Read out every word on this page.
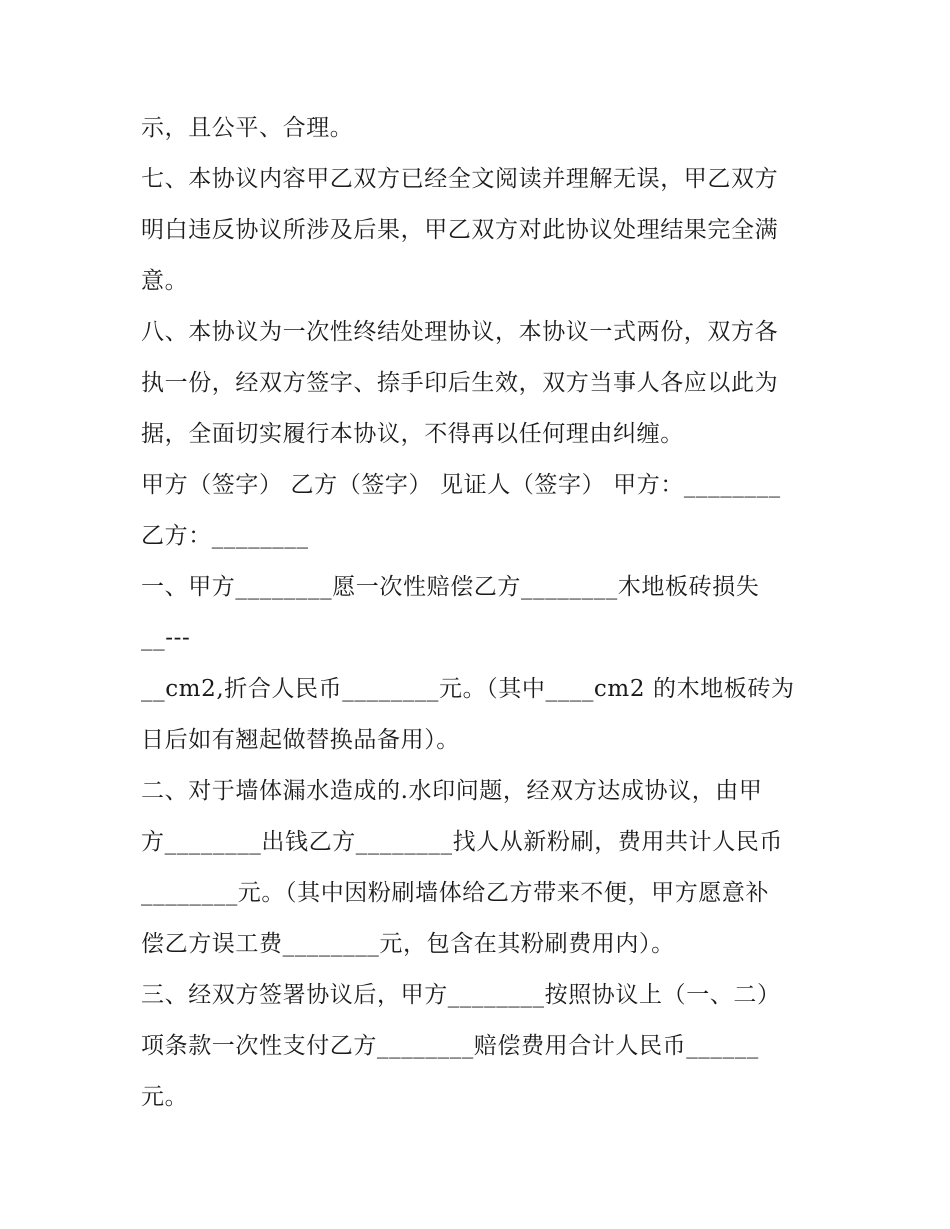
示，且公平、合理。
七、本协议内容甲乙双方已经全文阅读并理解无误，甲乙双方
明白违反协议所涉及后果，甲乙双方对此协议处理结果完全满
意。
八、本协议为一次性终结处理协议，本协议一式两份，双方各
执一份，经双方签字、捺手印后生效，双方当事人各应以此为
据，全面切实履行本协议，不得再以任何理由纠缠。
甲方（签字） 乙方（签字） 见证人（签字） 甲方：________
乙方：________
一、甲方________愿一次性赔偿乙方________木地板砖损失
__---
__cm2,折合人民币________元。（其中____cm2 的木地板砖为
日后如有翘起做替换品备用）。
二、对于墙体漏水造成的.水印问题，经双方达成协议，由甲
方________出钱乙方________找人从新粉刷，费用共计人民币
________元。（其中因粉刷墙体给乙方带来不便，甲方愿意补
偿乙方误工费________元，包含在其粉刷费用内）。
三、经双方签署协议后，甲方________按照协议上（一、二）
项条款一次性支付乙方________赔偿费用合计人民币______
元。
